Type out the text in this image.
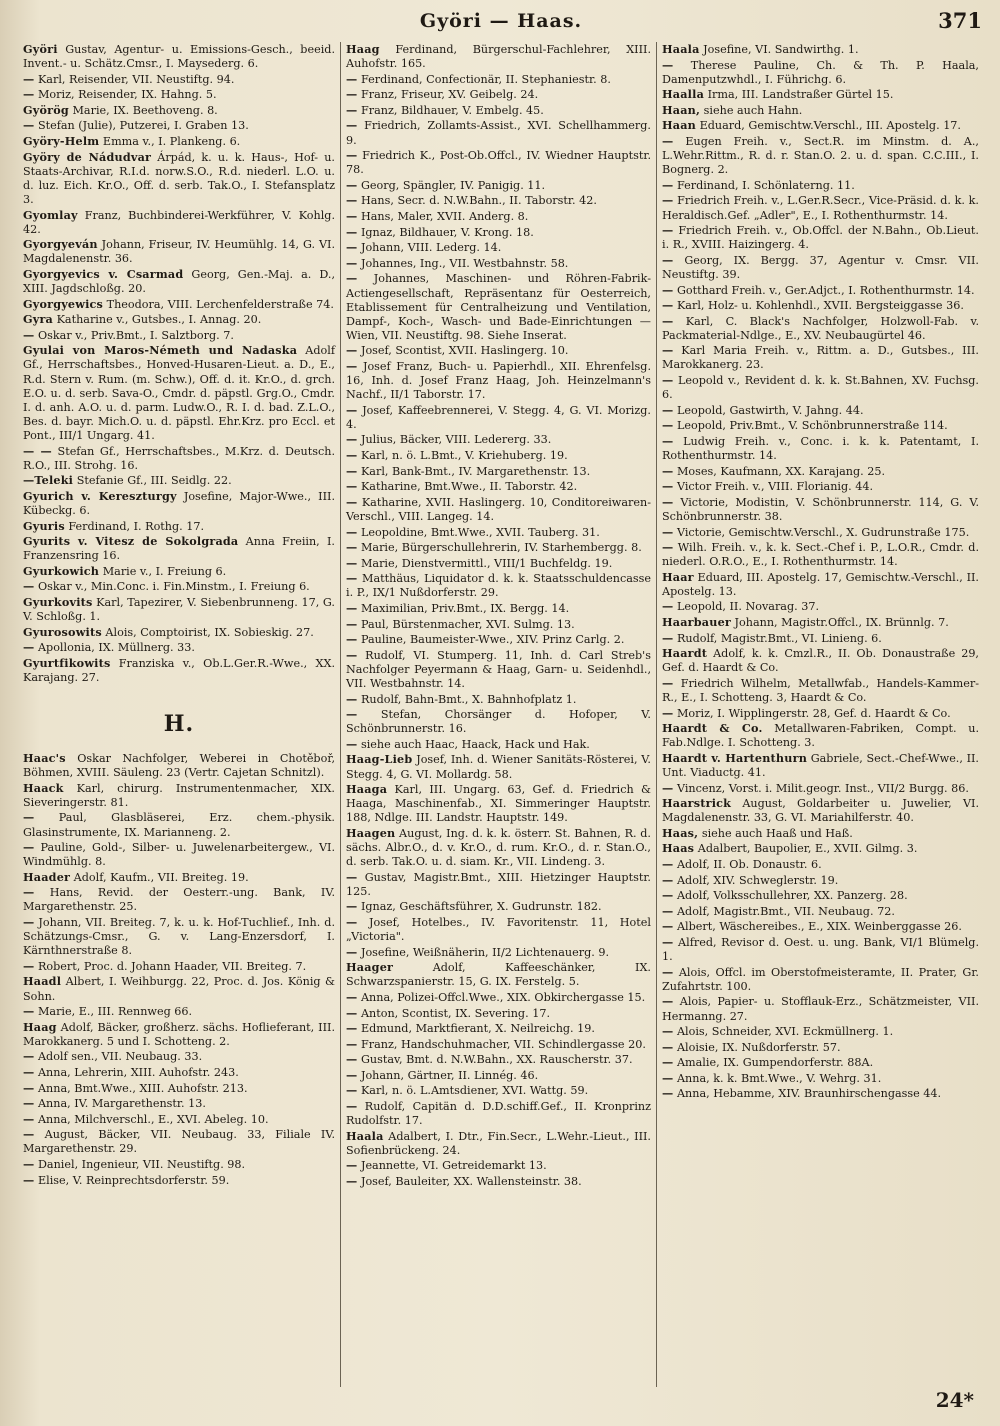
Györi — Haas.	371
Györi Gustav, Agentur- u. Emissions-Gesch., beeid. Invent.- u. Schätz.Cmsr., I. Maysederg. 6.
— Karl, Reisender, VII. Neustiftg. 94.
— Moriz, Reisender, IX. Hahng. 5.
Györög Marie, IX. Beethoveng. 8.
— Stefan (Julie), Putzerei, I. Graben 13.
Györy-Helm Emma v., I. Plankeng. 6.
Györy de Nádudvar Árpád, k. u. k. Haus-, Hof- u. Staats-Archivar, R.I.d. norw.S.O., R.d. niederl. L.O. u. d. luz. Eich. Kr.O., Off. d. serb. Tak.O., I. Stefansplatz 3.
Gyomlay Franz, Buchbinderei-Werkführer, V. Kohlg. 42.
Gyorgyeván Johann, Friseur, IV. Heumühlg. 14, G. VI. Magdalenenstr. 36.
Gyorgyevics v. Csarmad Georg, Gen.-Maj. a. D., XIII. Jagdschloßg. 20.
Gyorgyewics Theodora, VIII. Lerchenfelderstraße 74.
Gyra Katharine v., Gutsbes., I. Annag. 20.
— Oskar v., Priv.Bmt., I. Salztborg. 7.
Gyulai von Maros-Németh und Nadaska Adolf Gf., Herrschaftsbes., Honved-Husaren-Lieut. a. D., E., R.d. Stern v. Rum. (m. Schw.), Off. d. it. Kr.O., d. grch. E.O. u. d. serb. Sava-O., Cmdr. d. päpstl. Grg.O., Cmdr. I. d. anh. A.O. u. d. parm. Ludw.O., R. I. d. bad. Z.L.O., Bes. d. bayr. Mich.O. u. d. päpstl. Ehr.Krz. pro Eccl. et Pont., III/1 Ungarg. 41.
— — Stefan Gf., Herrschaftsbes., M.Krz. d. Deutsch. R.O., III. Strohg. 16.
—Teleki Stefanie Gf., III. Seidlg. 22.
Gyurich v. Kereszturgy Josefine, Major-Wwe., III. Kübeckg. 6.
Gyuris Ferdinand, I. Rothg. 17.
Gyurits v. Vitesz de Sokolgrada Anna Freiin, I. Franzensring 16.
Gyurkowich Marie v., I. Freiung 6.
— Oskar v., Min.Conc. i. Fin.Minstm., I. Freiung 6.
Gyurkovits Karl, Tapezirer, V. Siebenbrunneng. 17, G. V. Schloßg. 1.
Gyurosowits Alois, Comptoirist, IX. Sobieskig. 27.
— Apollonia, IX. Müllnerg. 33.
Gyurtfikowits Franziska v., Ob.L.Ger.R.-Wwe., XX. Karajang. 27.
H.
Haac's Oskar Nachfolger, Weberei in Chotěboř, Böhmen, XVIII. Säuleng. 23 (Vertr. Cajetan Schnitzl).
Haack Karl, chirurg. Instrumentenmacher, XIX. Sieveringerstr. 81.
— Paul, Glasbläserei, Erz. chem.-physik. Glasinstrumente, IX. Marianneng. 2.
— Pauline, Gold-, Silber- u. Juwelenarbeitergew., VI. Windmühlg. 8.
Haader Adolf, Kaufm., VII. Breiteg. 19.
— Hans, Revid. der Oesterr.-ung. Bank, IV. Margarethenstr. 25.
— Johann, VII. Breiteg. 7, k. u. k. Hof-Tuchlief., Inh. d. Schätzungs-Cmsr., G. v. Lang-Enzersdorf, I. Kärnthnerstraße 8.
— Robert, Proc. d. Johann Haader, VII. Breiteg. 7.
Haadl Albert, I. Weihburgg. 22, Proc. d. Jos. König & Sohn.
— Marie, E., III. Rennweg 66.
Haag Adolf, Bäcker, großherz. sächs. Hoflieferant, III. Marokkanerg. 5 und I. Schotteng. 2.
— Adolf sen., VII. Neubaug. 33.
— Anna, Lehrerin, XIII. Auhofstr. 243.
— Anna, Bmt.Wwe., XIII. Auhofstr. 213.
— Anna, IV. Margarethenstr. 13.
— Anna, Milchverschl., E., XVI. Abeleg. 10.
— August, Bäcker, VII. Neubaug. 33, Filiale IV. Margarethenstr. 29.
— Daniel, Ingenieur, VII. Neustiftg. 98.
— Elise, V. Reinprechtsdorferstr. 59.
Haag Ferdinand, Bürgerschul-Fachlehrer, XIII. Auhofstr. 165.
— Ferdinand, Confectionär, II. Stephaniestr. 8.
— Franz, Friseur, XV. Geibelg. 24.
— Franz, Bildhauer, V. Embelg. 45.
— Friedrich, Zollamts-Assist., XVI. Schellhammerg. 9.
— Friedrich K., Post-Ob.Offcl., IV. Wiedner Hauptstr. 78.
— Georg, Spängler, IV. Panigig. 11.
— Hans, Secr. d. N.W.Bahn., II. Taborstr. 42.
— Hans, Maler, XVII. Anderg. 8.
— Ignaz, Bildhauer, V. Krong. 18.
— Johann, VIII. Lederg. 14.
— Johannes, Ing., VII. Westbahnstr. 58.
— Johannes, Maschinen- und Röhren-Fabrik-Actiengesellschaft, Repräsentanz für Oesterreich, Etablissement für Centralheizung und Ventilation, Dampf-, Koch-, Wasch- und Bade-Einrichtungen — Wien, VII. Neustiftg. 98. Siehe Inserat.
— Josef, Scontist, XVII. Haslingerg. 10.
— Josef Franz, Buch- u. Papierhdl., XII. Ehrenfelsg. 16, Inh. d. Josef Franz Haag, Joh. Heinzelmann's Nachf., II/1 Taborstr. 17.
— Josef, Kaffeebrennerei, V. Stegg. 4, G. VI. Morizg. 4.
— Julius, Bäcker, VIII. Ledererg. 33.
— Karl, n. ö. L.Bmt., V. Kriehuberg. 19.
— Karl, Bank-Bmt., IV. Margarethenstr. 13.
— Katharine, Bmt.Wwe., II. Taborstr. 42.
— Katharine, XVII. Haslingerg. 10, Conditoreiwaren-Verschl., VIII. Langeg. 14.
— Leopoldine, Bmt.Wwe., XVII. Tauberg. 31.
— Marie, Bürgerschullehrerin, IV. Starhembergg. 8.
— Marie, Dienstvermittl., VIII/1 Buchfeldg. 19.
— Matthäus, Liquidator d. k. k. Staatsschuldencasse i. P., IX/1 Nußdorferstr. 29.
— Maximilian, Priv.Bmt., IX. Bergg. 14.
— Paul, Bürstenmacher, XVI. Sulmg. 13.
— Pauline, Baumeister-Wwe., XIV. Prinz Carlg. 2.
— Rudolf, VI. Stumperg. 11, Inh. d. Carl Streb's Nachfolger Peyermann & Haag, Garn- u. Seidenhdl., VII. Westbahnstr. 14.
— Rudolf, Bahn-Bmt., X. Bahnhofplatz 1.
— Stefan, Chorsänger d. Hofoper, V. Schönbrunnerstr. 16.
— siehe auch Haac, Haack, Hack und Hak.
Haag-Lieb Josef, Inh. d. Wiener Sanitäts-Rösterei, V. Stegg. 4, G. VI. Mollardg. 58.
Haaga Karl, III. Ungarg. 63, Gef. d. Friedrich & Haaga, Maschinenfab., XI. Simmeringer Hauptstr. 188, Ndlge. III. Landstr. Hauptstr. 149.
Haagen August, Ing. d. k. k. österr. St. Bahnen, R. d. sächs. Albr.O., d. v. Kr.O., d. rum. Kr.O., d. r. Stan.O., d. serb. Tak.O. u. d. siam. Kr., VII. Lindeng. 3.
— Gustav, Magistr.Bmt., XIII. Hietzinger Hauptstr. 125.
— Ignaz, Geschäftsführer, X. Gudrunstr. 182.
— Josef, Hotelbes., IV. Favoritenstr. 11, Hotel „Victoria".
— Josefine, Weißnäherin, II/2 Lichtenauerg. 9.
Haager	Adolf, Kaffeeschänker, IX. Schwarzspanierstr. 15, G. IX. Ferstelg. 5.
— Anna, Polizei-Offcl.Wwe., XIX. Obkirchergasse 15.
— Anton, Scontist, IX. Severing. 17.
— Edmund, Marktfierant, X. Neilreichg. 19.
— Franz, Handschuhmacher, VII. Schindlergasse 20.
— Gustav, Bmt. d. N.W.Bahn., XX. Rauscherstr. 37.
— Johann, Gärtner, II. Linnég. 46.
— Karl, n. ö. L.Amtsdiener, XVI. Wattg. 59.
— Rudolf, Capitän d. D.D.schiff.Gef., II. Kronprinz Rudolfstr. 17.
Haala Adalbert, I. Dtr., Fin.Secr., L.Wehr.-Lieut., III. Sofienbrückeng. 24.
— Jeannette, VI. Getreidemarkt 13.
— Josef, Bauleiter, XX. Wallensteinstr. 38.
Haala Josefine, VI. Sandwirthg. 1.
— Therese Pauline, Ch. & Th. P. Haala, Damenputzwhdl., I. Führichg. 6.
Haalla Irma, III. Landstraßer Gürtel 15.
Haan, siehe auch Hahn.
Haan Eduard, Gemischtw.Verschl., III. Apostelg. 17.
— Eugen Freih. v., Sect.R. im Minstm. d. A., L.Wehr.Rittm., R. d. r. Stan.O. 2. u. d. span. C.C.III., I. Bognerg. 2.
— Ferdinand, I. Schönlaterng. 11.
— Friedrich Freih. v., L.Ger.R.Secr., Vice-Präsid. d. k. k. Heraldisch.Gef. „Adler", E., I. Rothenthurmstr. 14.
— Friedrich Freih. v., Ob.Offcl. der N.Bahn., Ob.Lieut. i. R., XVIII. Haizingerg. 4.
— Georg, IX. Bergg. 37, Agentur v. Cmsr. VII. Neustiftg. 39.
— Gotthard Freih. v., Ger.Adjct., I. Rothenthurmstr. 14.
— Karl, Holz- u. Kohlenhdl., XVII. Bergsteiggasse 36.
— Karl, C. Black's Nachfolger, Holzwoll-Fab. v. Packmaterial-Ndlge., E., XV. Neubaugürtel 46.
— Karl Maria Freih. v., Rittm. a. D., Gutsbes., III. Marokkanerg. 23.
— Leopold v., Revident d. k. k. St.Bahnen, XV. Fuchsg. 6.
— Leopold, Gastwirth, V. Jahng. 44.
— Leopold, Priv.Bmt., V. Schönbrunnerstraße 114.
— Ludwig Freih. v., Conc. i. k. k. Patentamt, I. Rothenthurmstr. 14.
— Moses, Kaufmann, XX. Karajang. 25.
— Victor Freih. v., VIII. Florianig. 44.
— Victorie, Modistin, V. Schönbrunnerstr. 114, G. V. Schönbrunnerstr. 38.
— Victorie, Gemischtw.Verschl., X. Gudrunstraße 175.
— Wilh. Freih. v., k. k. Sect.-Chef i. P., L.O.R., Cmdr. d. niederl. O.R.O., E., I. Rothenthurmstr. 14.
Haar Eduard, III. Apostelg. 17, Gemischtw.-Verschl., II. Apostelg. 13.
— Leopold, II. Novarag. 37.
Haarbauer Johann, Magistr.Offcl., IX. Brünnlg. 7.
— Rudolf, Magistr.Bmt., VI. Linieng. 6.
Haardt Adolf, k. k. Cmzl.R., II. Ob. Donaustraße 29, Gef. d. Haardt & Co.
— Friedrich Wilhelm, Metallwfab., Handels-Kammer-R., E., I. Schotteng. 3, Haardt & Co.
— Moriz, I. Wipplingerstr. 28, Gef. d. Haardt & Co.
Haardt & Co. Metallwaren-Fabriken, Compt. u. Fab.Ndlge. I. Schotteng. 3.
Haardt v. Hartenthurn Gabriele, Sect.-Chef-Wwe., II. Unt. Viaductg. 41.
— Vincenz, Vorst. i. Milit.geogr. Inst., VII/2 Burgg. 86.
Haarstrick August, Goldarbeiter u. Juwelier, VI. Magdalenenstr. 33, G. VI. Mariahilferstr. 40.
Haas, siehe auch Haaß und Haß.
Haas Adalbert, Baupolier, E., XVII. Gilmg. 3.
— Adolf, II. Ob. Donaustr. 6.
— Adolf, XIV. Schweglerstr. 19.
— Adolf, Volksschullehrer, XX. Panzerg. 28.
— Adolf, Magistr.Bmt., VII. Neubaug. 72.
— Albert, Wäschereibes., E., XIX. Weinberggasse 26.
— Alfred, Revisor d. Oest. u. ung. Bank, VI/1 Blümelg. 1.
— Alois, Offcl. im Oberstofmeisteramte, II. Prater, Gr. Zufahrtstr. 100.
— Alois, Papier- u. Stofflauk-Erz., Schätzmeister, VII. Hermanng. 27.
— Alois, Schneider, XVI. Eckmüllnerg. 1.
— Aloisie, IX. Nußdorferstr. 57.
— Amalie, IX. Gumpendorferstr. 88A.
— Anna, k. k. Bmt.Wwe., V. Wehrg. 31.
— Anna, Hebamme, XIV. Braunhirschengasse 44.
24*
